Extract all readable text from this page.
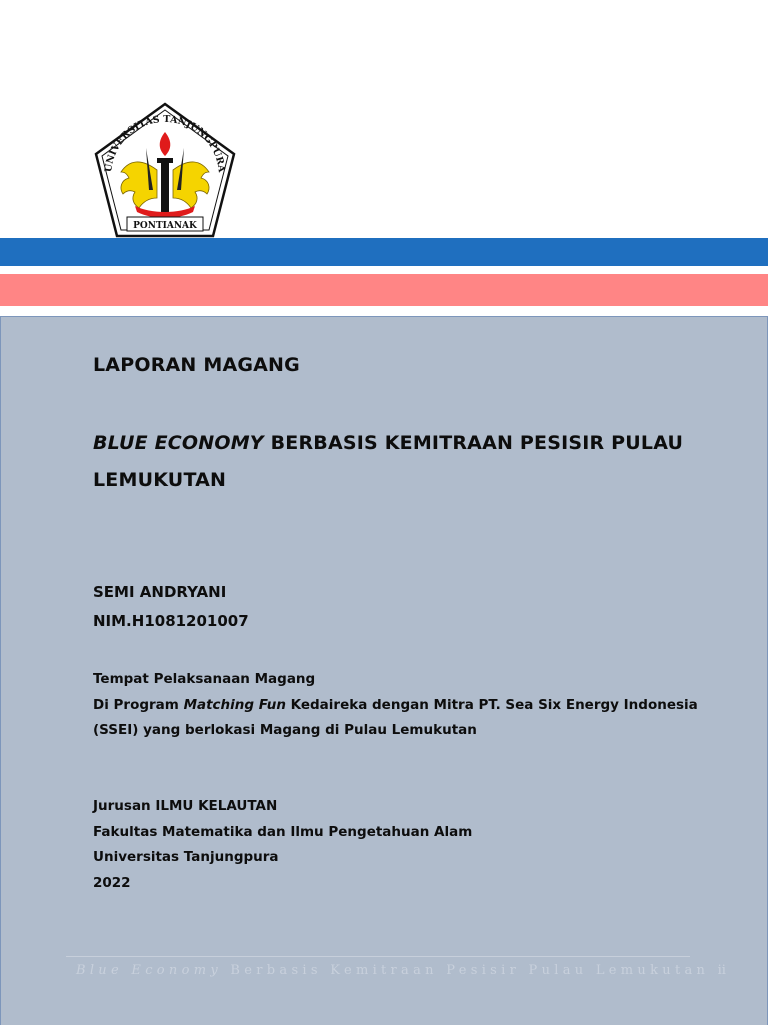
UNIVERSITAS TANJUNGPURA
PONTIANAK

LAPORAN MAGANG

BLUE ECONOMY BERBASIS KEMITRAAN PESISIR PULAU

LEMUKUTAN

SEMI ANDRYANI

NIM.H1081201007

Tempat Pelaksanaan Magang

Di Program Matching Fun Kedaireka dengan Mitra PT. Sea Six Energy Indonesia

(SSEI) yang berlokasi Magang di Pulau Lemukutan

Jurusan ILMU KELAUTAN

Fakultas Matematika dan Ilmu Pengetahuan Alam

Universitas Tanjungpura

2022

Blue Economy Berbasis Kemitraan Pesisir Pulau Lemukutan ii
